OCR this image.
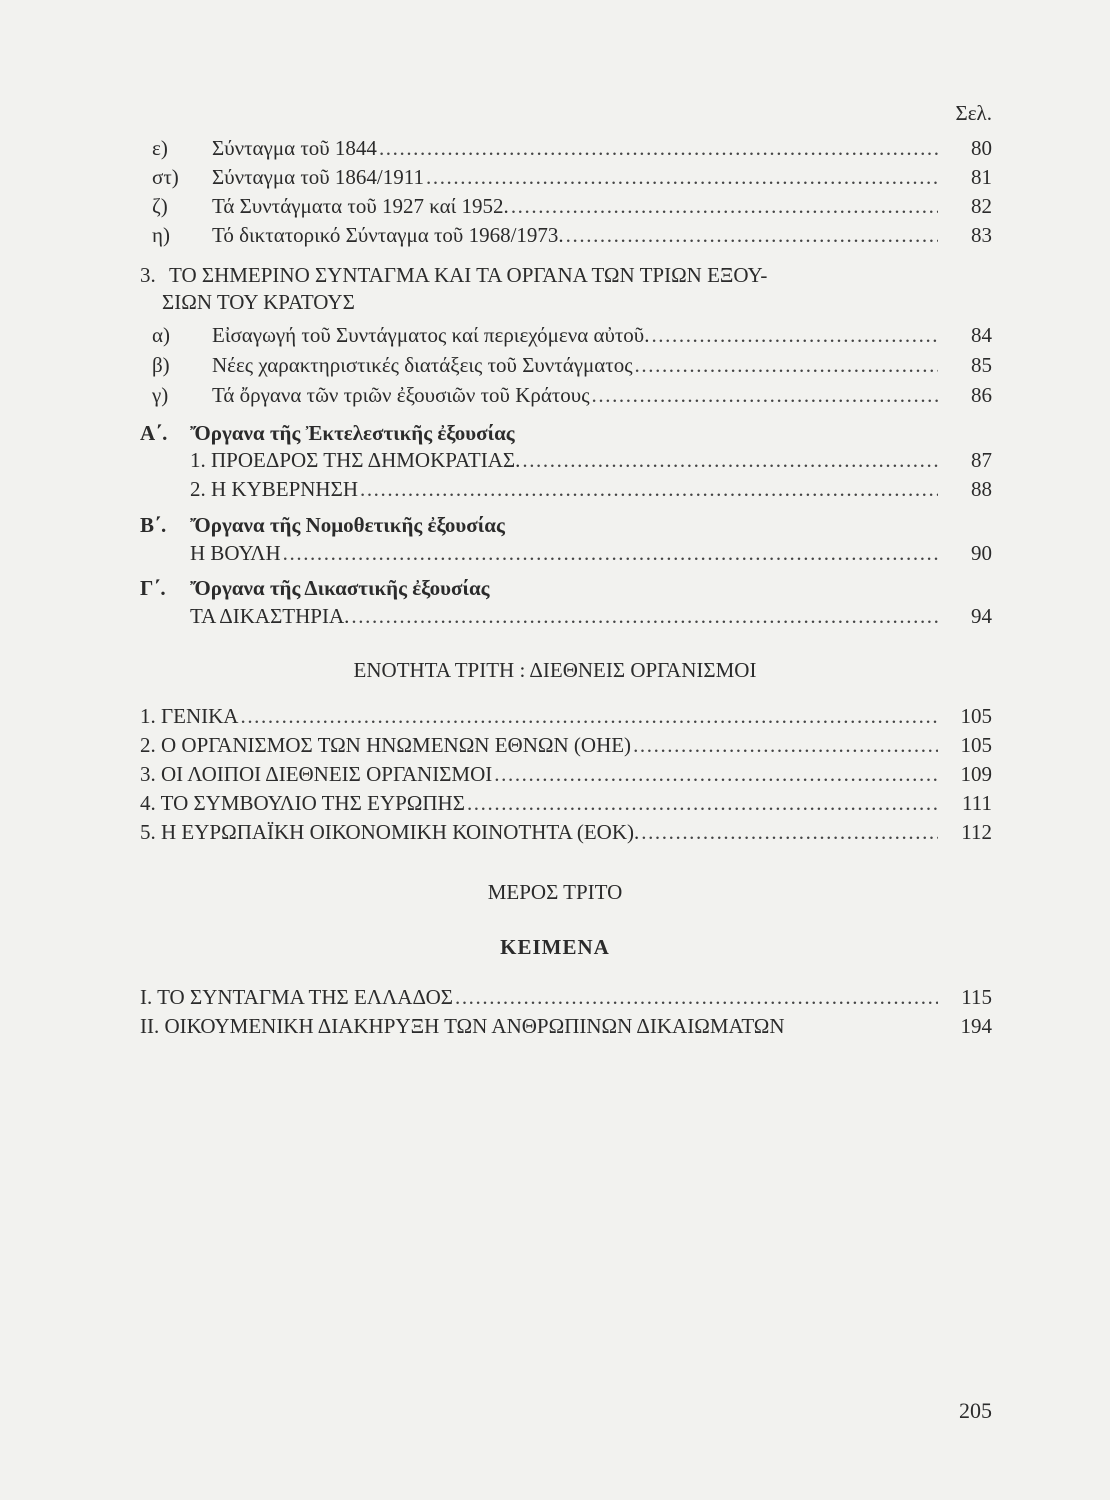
Σελ.
ε)	Σύνταγμα τοῦ 1844 .....	80
στ)	Σύνταγμα τοῦ 1864/1911 .....	81
ζ)	Τά Συντάγματα τοῦ 1927 καί 1952. .....	82
η)	Τό δικτατορικό Σύνταγμα τοῦ 1968/1973. .....	83
3. ΤΟ ΣΗΜΕΡΙΝΟ ΣΥΝΤΑΓΜΑ ΚΑΙ ΤΑ ΟΡΓΑΝΑ ΤΩΝ ΤΡΙΩΝ ΕΞΟΥ-
ΣΙΩΝ ΤΟΥ ΚΡΑΤΟΥΣ
α)	Εἰσαγωγή τοῦ Συντάγματος καί περιεχόμενα αὐτοῦ. .....	84
β)	Νέες χαρακτηριστικές διατάξεις τοῦ Συντάγματος .....	85
γ)	Τά ὄργανα τῶν τριῶν ἐξουσιῶν τοῦ Κράτους .....	86
Α΄. Ὄργανα τῆς Ἐκτελεστικῆς ἐξουσίας
1. ΠΡΟΕΔΡΟΣ ΤΗΣ ΔΗΜΟΚΡΑΤΙΑΣ. .....	87
2. Η ΚΥΒΕΡΝΗΣΗ .....	88
Β΄. Ὄργανα τῆς Νομοθετικῆς ἐξουσίας
Η ΒΟΥΛΗ .....	90
Γ΄. Ὄργανα τῆς Δικαστικῆς ἐξουσίας
ΤΑ ΔΙΚΑΣΤΗΡΙΑ. .....	94
ΕΝΟΤΗΤΑ ΤΡΙΤΗ : ΔΙΕΘΝΕΙΣ ΟΡΓΑΝΙΣΜΟΙ
1. ΓΕΝΙΚΑ .....	105
2. Ο ΟΡΓΑΝΙΣΜΟΣ ΤΩΝ ΗΝΩΜΕΝΩΝ ΕΘΝΩΝ (ΟΗΕ) .....	105
3. ΟΙ ΛΟΙΠΟΙ ΔΙΕΘΝΕΙΣ ΟΡΓΑΝΙΣΜΟΙ .....	109
4. ΤΟ ΣΥΜΒΟΥΛΙΟ ΤΗΣ ΕΥΡΩΠΗΣ .....	111
5. Η ΕΥΡΩΠΑΪΚΗ ΟΙΚΟΝΟΜΙΚΗ ΚΟΙΝΟΤΗΤΑ (ΕΟΚ). .....	112
ΜΕΡΟΣ ΤΡΙΤΟ
ΚΕΙΜΕΝΑ
Ι. ΤΟ ΣΥΝΤΑΓΜΑ ΤΗΣ ΕΛΛΑΔΟΣ .....	115
ΙΙ. ΟΙΚΟΥΜΕΝΙΚΗ ΔΙΑΚΗΡΥΞΗ ΤΩΝ ΑΝΘΡΩΠΙΝΩΝ ΔΙΚΑΙΩΜΑΤΩΝ	194
205
